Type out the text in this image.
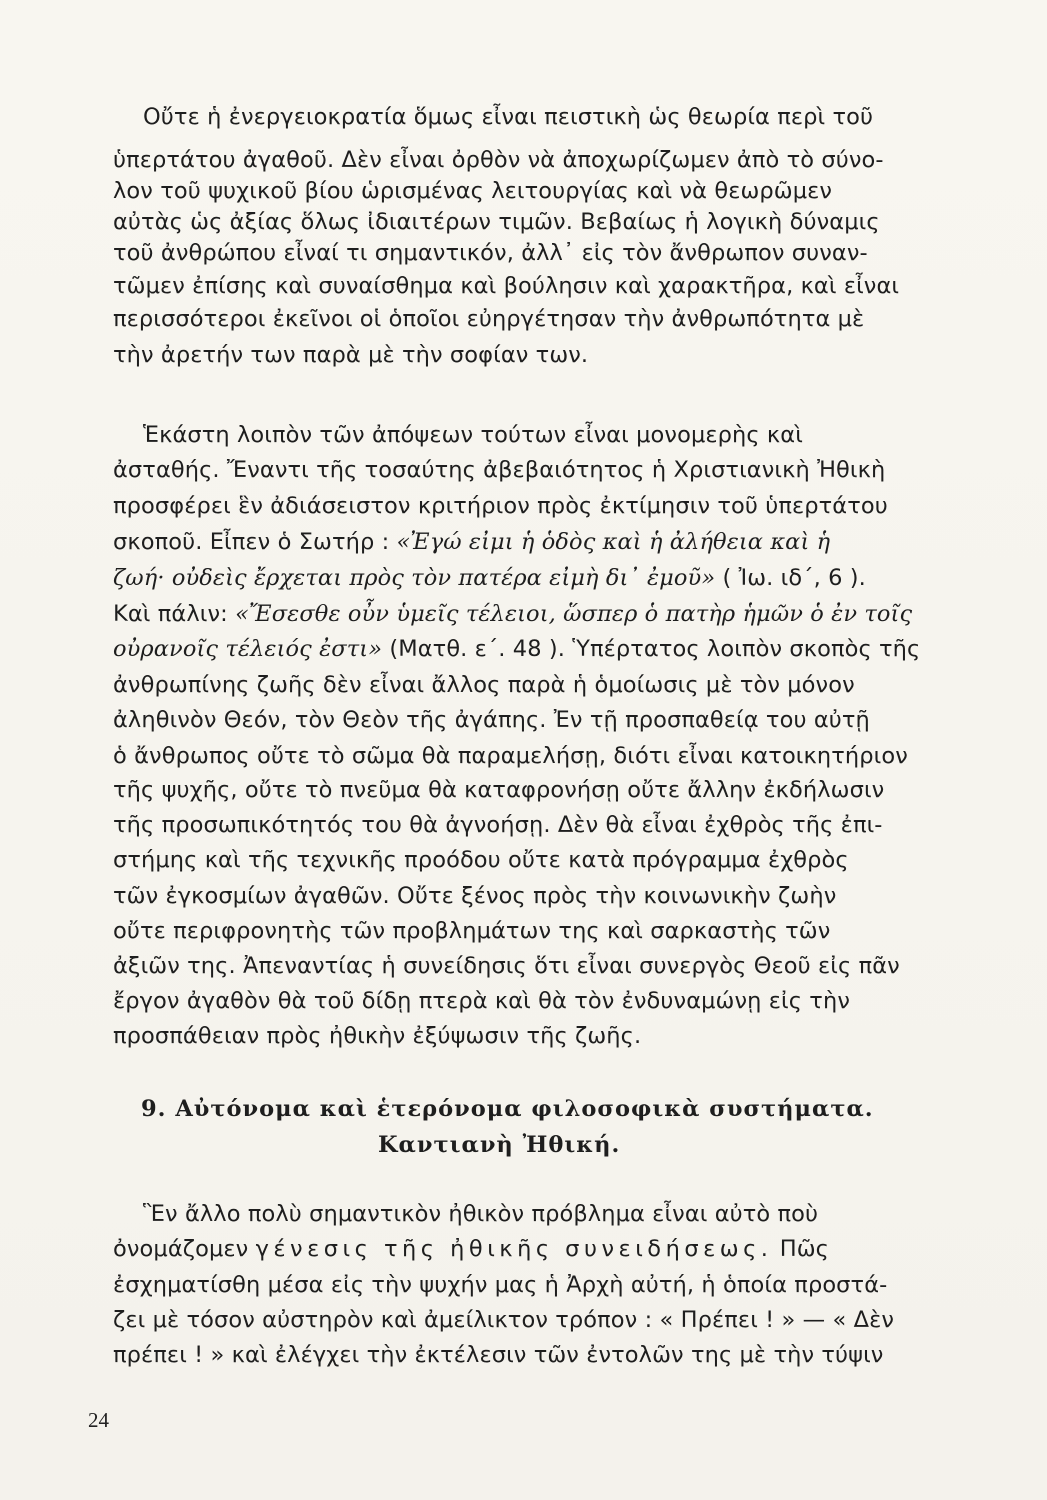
Οὔτε ἡ ἐνεργειοκρατία ὅμως εἶναι πειστικὴ ὡς θεωρία περὶ τοῦ
ὑπερτάτου ἀγαθοῦ. Δὲν εἶναι ὀρθὸν νὰ ἀποχωρίζωμεν ἀπὸ τὸ σύνο-
λον τοῦ ψυχικοῦ βίου ὡρισμένας λειτουργίας καὶ νὰ θεωρῶμεν
αὐτὰς ὡς ἀξίας ὅλως ἰδιαιτέρων τιμῶν. Βεβαίως ἡ λογικὴ δύναμις
τοῦ ἀνθρώπου εἶναί τι σημαντικόν, ἀλλ᾽ εἰς τὸν ἄνθρωπον συναν-
τῶμεν ἐπίσης καὶ συναίσθημα καὶ βούλησιν καὶ χαρακτῆρα, καὶ εἶναι
περισσότεροι ἐκεῖνοι οἱ ὁποῖοι εὐηργέτησαν τὴν ἀνθρωπότητα μὲ
τὴν ἀρετήν των παρὰ μὲ τὴν σοφίαν των.
Ἑκάστη λοιπὸν τῶν ἀπόψεων τούτων εἶναι μονομερὴς καὶ
ἀσταθής. Ἔναντι τῆς τοσαύτης ἀβεβαιότητος ἡ Χριστιανικὴ Ἠθικὴ
προσφέρει ἓν ἀδιάσειστον κριτήριον πρὸς ἐκτίμησιν τοῦ ὑπερτάτου
σκοποῦ. Εἶπεν ὁ Σωτήρ : «Ἐγώ εἰμι ἡ ὁδὸς καὶ ἡ ἀλήθεια καὶ ἡ
ζωή· οὐδεὶς ἔρχεται πρὸς τὸν πατέρα εἰμὴ δι᾽ ἐμοῦ» ( Ἰω. ιδ΄, 6 ).
Καὶ πάλιν: «Ἔσεσθε οὖν ὑμεῖς τέλειοι, ὥσπερ ὁ πατὴρ ἡμῶν ὁ ἐν τοῖς
οὐρανοῖς τέλειός ἐστι» (Ματθ. ε΄. 48 ). Ὑπέρτατος λοιπὸν σκοπὸς τῆς
ἀνθρωπίνης ζωῆς δὲν εἶναι ἄλλος παρὰ ἡ ὁμοίωσις μὲ τὸν μόνον
ἀληθινὸν Θεόν, τὸν Θεὸν τῆς ἀγάπης. Ἐν τῇ προσπαθείᾳ του αὐτῇ
ὁ ἄνθρωπος οὔτε τὸ σῶμα θὰ παραμελήσῃ, διότι εἶναι κατοικητήριον
τῆς ψυχῆς, οὔτε τὸ πνεῦμα θὰ καταφρονήσῃ οὔτε ἄλλην ἐκδήλωσιν
τῆς προσωπικότητός του θὰ ἀγνοήσῃ. Δὲν θὰ εἶναι ἐχθρὸς τῆς ἐπι-
στήμης καὶ τῆς τεχνικῆς προόδου οὔτε κατὰ πρόγραμμα ἐχθρὸς
τῶν ἐγκοσμίων ἀγαθῶν. Οὔτε ξένος πρὸς τὴν κοινωνικὴν ζωὴν
οὔτε περιφρονητὴς τῶν προβλημάτων της καὶ σαρκαστὴς τῶν
ἀξιῶν της. Ἀπεναντίας ἡ συνείδησις ὅτι εἶναι συνεργὸς Θεοῦ εἰς πᾶν
ἔργον ἀγαθὸν θὰ τοῦ δίδῃ πτερὰ καὶ θὰ τὸν ἐνδυναμώνῃ εἰς τὴν
προσπάθειαν πρὸς ἠθικὴν ἐξύψωσιν τῆς ζωῆς.
9. Αὐτόνομα καὶ ἑτερόνομα φιλοσοφικὰ συστήματα.
Καντιανὴ Ἠθική.
Ἓν ἄλλο πολὺ σημαντικὸν ἠθικὸν πρόβλημα εἶναι αὐτὸ ποὺ
ὀνομάζομεν γένεσις τῆς ἠθικῆς συνειδήσεως. Πῶς
ἐσχηματίσθη μέσα εἰς τὴν ψυχήν μας ἡ Ἀρχὴ αὐτή, ἡ ὁποία προστά-
ζει μὲ τόσον αὐστηρὸν καὶ ἀμείλικτον τρόπον : « Πρέπει ! » — « Δὲν
πρέπει ! » καὶ ἐλέγχει τὴν ἐκτέλεσιν τῶν ἐντολῶν της μὲ τὴν τύψιν
24
